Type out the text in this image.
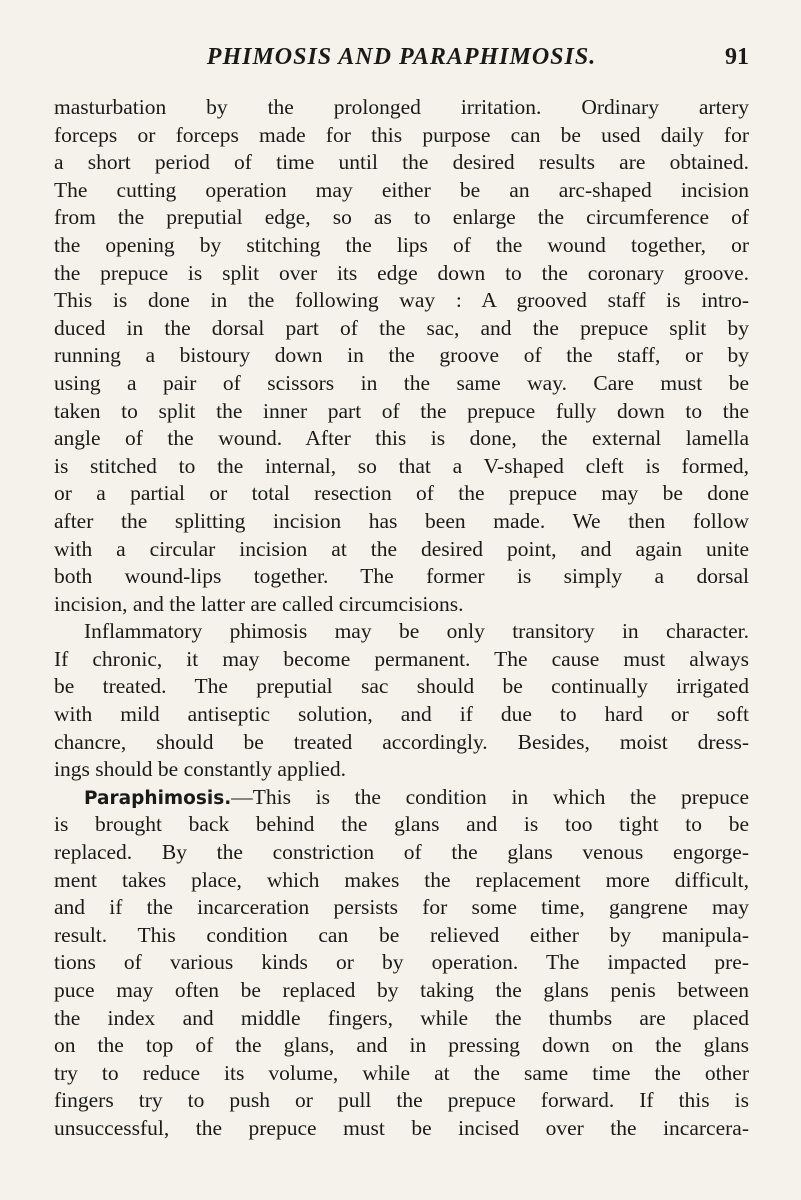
PHIMOSIS AND PARAPHIMOSIS.	91
masturbation by the prolonged irritation. Ordinary artery
forceps or forceps made for this purpose can be used daily for
a short period of time until the desired results are obtained.
The cutting operation may either be an arc-shaped incision
from the preputial edge, so as to enlarge the circumference of
the opening by stitching the lips of the wound together, or
the prepuce is split over its edge down to the coronary groove.
This is done in the following way : A grooved staff is intro-
duced in the dorsal part of the sac, and the prepuce split by
running a bistoury down in the groove of the staff, or by
using a pair of scissors in the same way. Care must be
taken to split the inner part of the prepuce fully down to the
angle of the wound. After this is done, the external lamella
is stitched to the internal, so that a V-shaped cleft is formed,
or a partial or total resection of the prepuce may be done
after the splitting incision has been made. We then follow
with a circular incision at the desired point, and again unite
both wound-lips together. The former is simply a dorsal
incision, and the latter are called circumcisions.
Inflammatory phimosis may be only transitory in character.
If chronic, it may become permanent. The cause must always
be treated. The preputial sac should be continually irrigated
with mild antiseptic solution, and if due to hard or soft
chancre, should be treated accordingly. Besides, moist dress-
ings should be constantly applied.
Paraphimosis.—This is the condition in which the prepuce
is brought back behind the glans and is too tight to be
replaced. By the constriction of the glans venous engorge-
ment takes place, which makes the replacement more difficult,
and if the incarceration persists for some time, gangrene may
result. This condition can be relieved either by manipula-
tions of various kinds or by operation. The impacted pre-
puce may often be replaced by taking the glans penis between
the index and middle fingers, while the thumbs are placed
on the top of the glans, and in pressing down on the glans
try to reduce its volume, while at the same time the other
fingers try to push or pull the prepuce forward. If this is
unsuccessful, the prepuce must be incised over the incarcera-
